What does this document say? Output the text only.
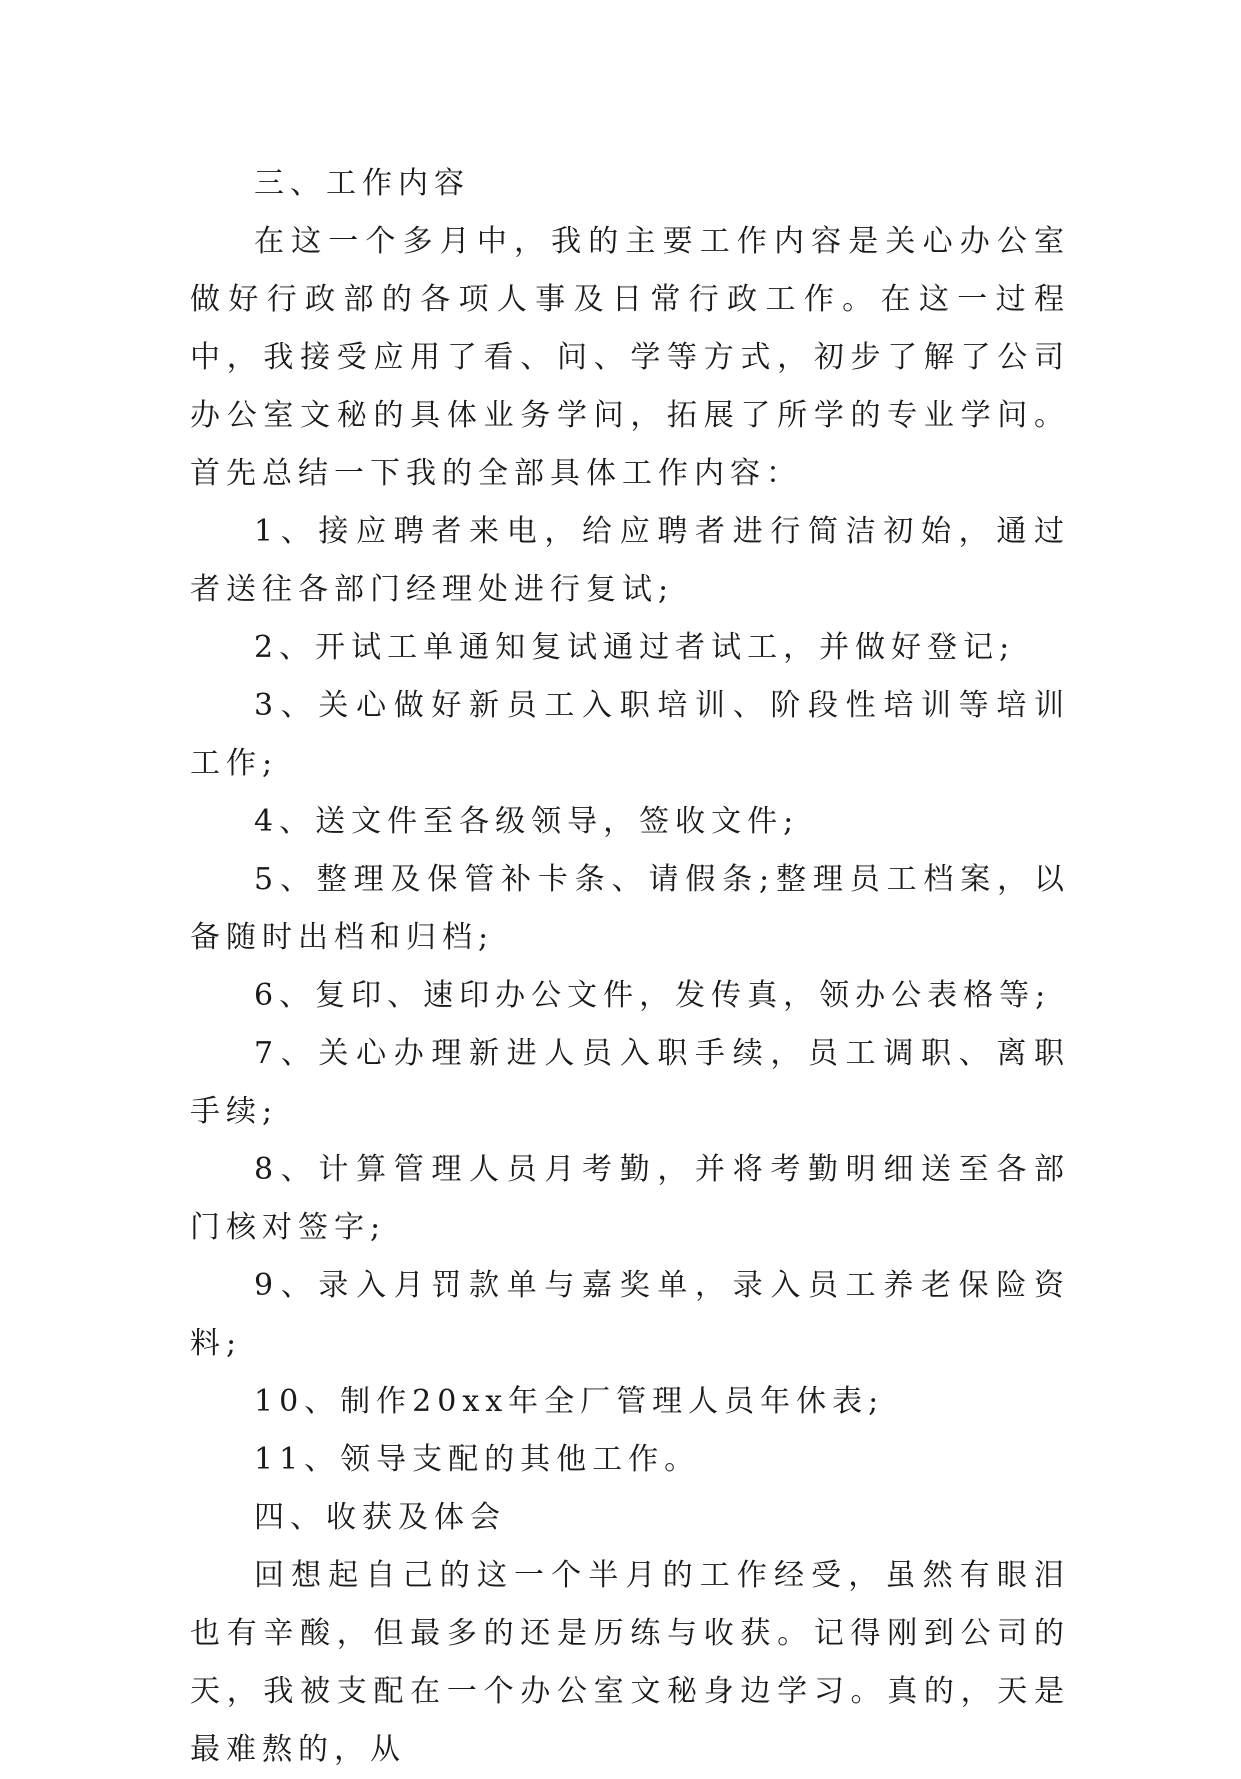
三、工作内容

在这一个多月中，我的主要工作内容是关心办公室做好行政部的各项人事及日常行政工作。在这一过程中，我接受应用了看、问、学等方式，初步了解了公司办公室文秘的具体业务学问，拓展了所学的专业学问。首先总结一下我的全部具体工作内容：

1、接应聘者来电，给应聘者进行简洁初始，通过者送往各部门经理处进行复试;

2、开试工单通知复试通过者试工，并做好登记;

3、关心做好新员工入职培训、阶段性培训等培训工作;

4、送文件至各级领导，签收文件;

5、整理及保管补卡条、请假条;整理员工档案，以备随时出档和归档;

6、复印、速印办公文件，发传真，领办公表格等;

7、关心办理新进人员入职手续，员工调职、离职手续;

8、计算管理人员月考勤，并将考勤明细送至各部门核对签字;

9、录入月罚款单与嘉奖单，录入员工养老保险资料;

10、制作20xx年全厂管理人员年休表;

11、领导支配的其他工作。

四、收获及体会

回想起自己的这一个半月的工作经受，虽然有眼泪也有辛酸，但最多的还是历练与收获。记得刚到公司的天，我被支配在一个办公室文秘身边学习。真的，天是最难熬的，从
